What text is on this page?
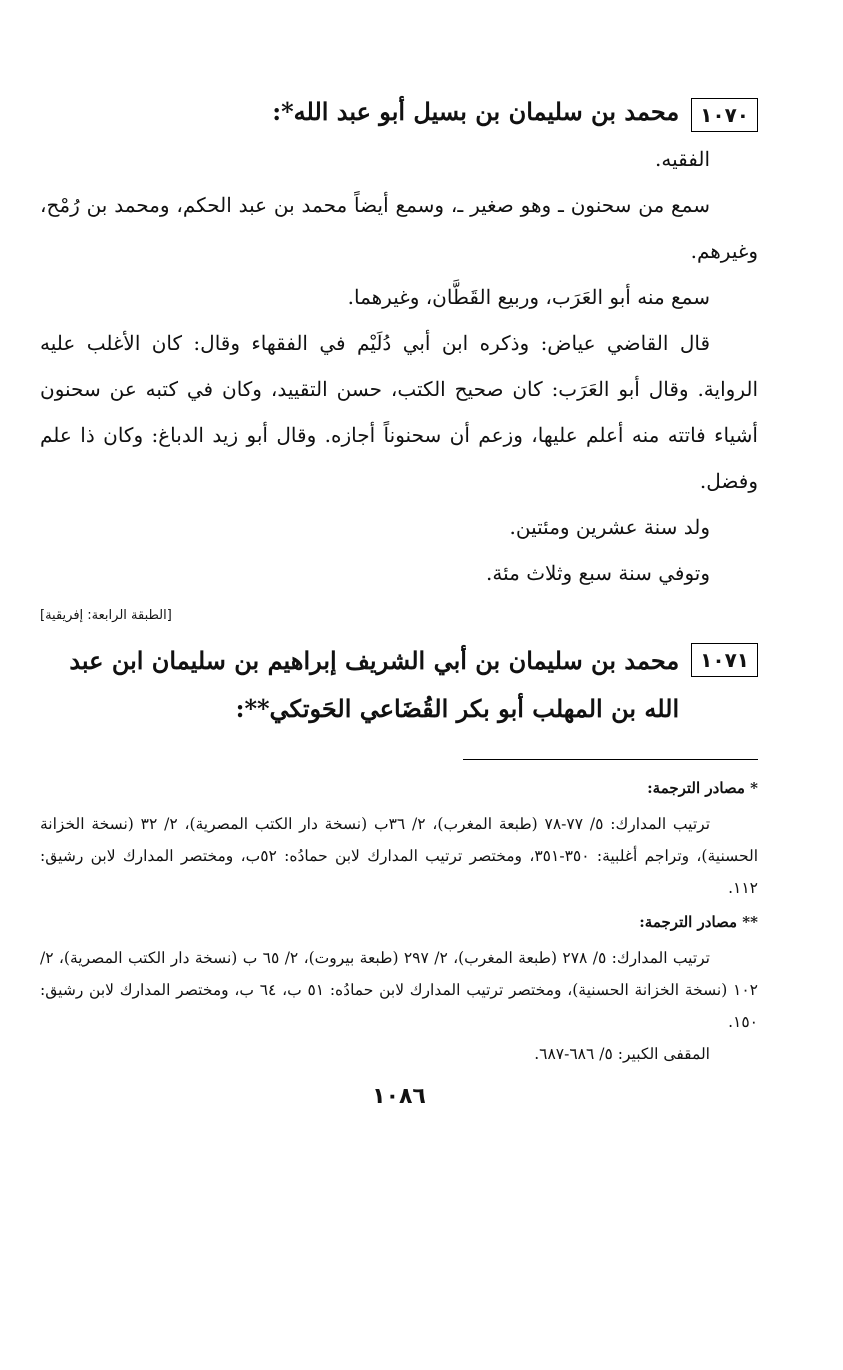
١٠٧٠
محمد بن سليمان بن بسيل أبو عبد الله*:

الفقيه.

سمع من سحنون ـ وهو صغير ـ، وسمع أيضاً محمد بن عبد الحكم، ومحمد بن رُمْح، وغيرهم.

سمع منه أبو العَرَب، وربيع القَطَّان، وغيرهما.

قال القاضي عياض: وذكره ابن أبي دُلَيْم في الفقهاء وقال: كان الأغلب عليه الرواية. وقال أبو العَرَب: كان صحيح الكتب، حسن التقييد، وكان في كتبه عن سحنون أشياء فاتته منه أعلم عليها، وزعم أن سحنوناً أجازه. وقال أبو زيد الدباغ: وكان ذا علم وفضل.

ولد سنة عشرين ومئتين.

وتوفي سنة سبع وثلاث مئة.

[الطبقة الرابعة: إفريقية]
١٠٧١
محمد بن سليمان بن أبي الشريف إبراهيم بن سليمان ابن عبد الله بن المهلب أبو بكر القُضَاعي الحَوتكي**:
* مصادر الترجمة:

ترتيب المدارك: ٥/ ٧٧-٧٨ (طبعة المغرب)، ٢/ ٣٦ب (نسخة دار الكتب المصرية)، ٢/ ٣٢ (نسخة الخزانة الحسنية)، وتراجم أغلبية: ٣٥٠-٣٥١، ومختصر ترتيب المدارك لابن حمادُه: ٥٢ب، ومختصر المدارك لابن رشيق: ١١٢.

** مصادر الترجمة:

ترتيب المدارك: ٥/ ٢٧٨ (طبعة المغرب)، ٢/ ٢٩٧ (طبعة بيروت)، ٢/ ٦٥ ب (نسخة دار الكتب المصرية)، ٢/ ١٠٢ (نسخة الخزانة الحسنية)، ومختصر ترتيب المدارك لابن حمادُه: ٥١ ب، ٦٤ ب، ومختصر المدارك لابن رشيق: ١٥٠.

المقفى الكبير: ٥/ ٦٨٦-٦٨٧.

١٠٨٦
